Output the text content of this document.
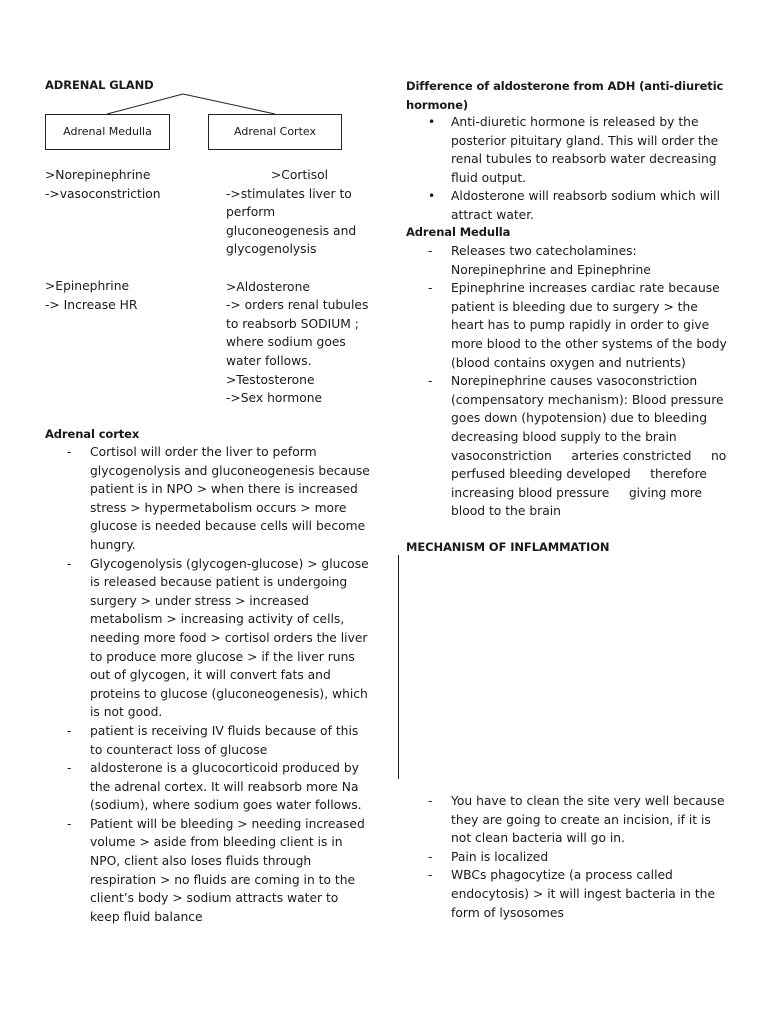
ADRENAL GLAND
Adrenal Medulla	Adrenal Cortex
>Norepinephrine
->vasoconstriction
>Epinephrine
-> Increase HR
>Cortisol
->stimulates liver to
perform
gluconeogenesis and
glycogenolysis
>Aldosterone
-> orders renal tubules
to reabsorb SODIUM ;
where sodium goes
water follows.
>Testosterone
->Sex hormone
Adrenal cortex
- Cortisol will order the liver to peform glycogenolysis and gluconeogenesis because patient is in NPO > when there is increased stress > hypermetabolism occurs > more glucose is needed because cells will become hungry.
- Glycogenolysis (glycogen-glucose) > glucose is released because patient is undergoing surgery > under stress > increased metabolism > increasing activity of cells, needing more food > cortisol orders the liver to produce more glucose > if the liver runs out of glycogen, it will convert fats and proteins to glucose (gluconeogenesis), which is not good.
- patient is receiving IV fluids because of this to counteract loss of glucose
- aldosterone is a glucocorticoid produced by the adrenal cortex. It will reabsorb more Na (sodium), where sodium goes water follows.
- Patient will be bleeding > needing increased volume > aside from bleeding client is in NPO, client also loses fluids through respiration > no fluids are coming in to the client’s body > sodium attracts water to keep fluid balance
Difference of aldosterone from ADH (anti-diuretic hormone)
• Anti-diuretic hormone is released by the posterior pituitary gland. This will order the renal tubules to reabsorb water decreasing fluid output.
• Aldosterone will reabsorb sodium which will attract water.
Adrenal Medulla
- Releases two catecholamines: Norepinephrine and Epinephrine
- Epinephrine increases cardiac rate because patient is bleeding due to surgery > the heart has to pump rapidly in order to give more blood to the other systems of the body (blood contains oxygen and nutrients)
- Norepinephrine causes vasoconstriction (compensatory mechanism): Blood pressure goes down (hypotension) due to bleeding decreasing blood supply to the brain vasoconstriction     arteries constricted     no perfused bleeding developed     therefore increasing blood pressure     giving more blood to the brain
MECHANISM OF INFLAMMATION
- You have to clean the site very well because they are going to create an incision, if it is not clean bacteria will go in.
- Pain is localized
- WBCs phagocytize (a process called endocytosis) > it will ingest bacteria in the form of lysosomes
